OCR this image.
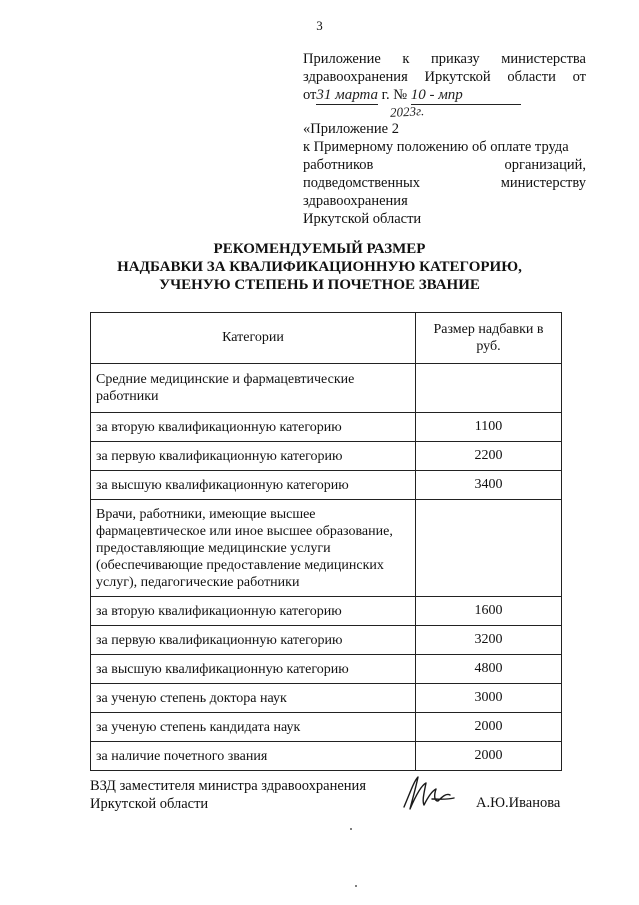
3
Приложение к приказу министерства
здравоохранения Иркутской области от
от31 марта г. № 10 - мпр
2023г.
«Приложение 2
к Примерному положению об оплате труда
работников организаций,
подведомственных министерству
здравоохранения
Иркутской области
РЕКОМЕНДУЕМЫЙ РАЗМЕР
НАДБАВКИ ЗА КВАЛИФИКАЦИОННУЮ КАТЕГОРИЮ,
УЧЕНУЮ СТЕПЕНЬ И ПОЧЕТНОЕ ЗВАНИЕ
Категории	Размер надбавки в руб.
Средние медицинские и фармацевтические работники	
за вторую квалификационную категорию	1100
за первую квалификационную категорию	2200
за высшую квалификационную категорию	3400
Врачи, работники, имеющие высшее фармацевтическое или иное высшее образование, предоставляющие медицинские услуги (обеспечивающие предоставление медицинских услуг), педагогические работники	
за вторую квалификационную категорию	1600
за первую квалификационную категорию	3200
за высшую квалификационную категорию	4800
за ученую степень доктора наук	3000
за ученую степень кандидата наук	2000
за наличие почетного звания	2000
ВЗД заместителя министра здравоохранения
Иркутской области	А.Ю.Иванова
